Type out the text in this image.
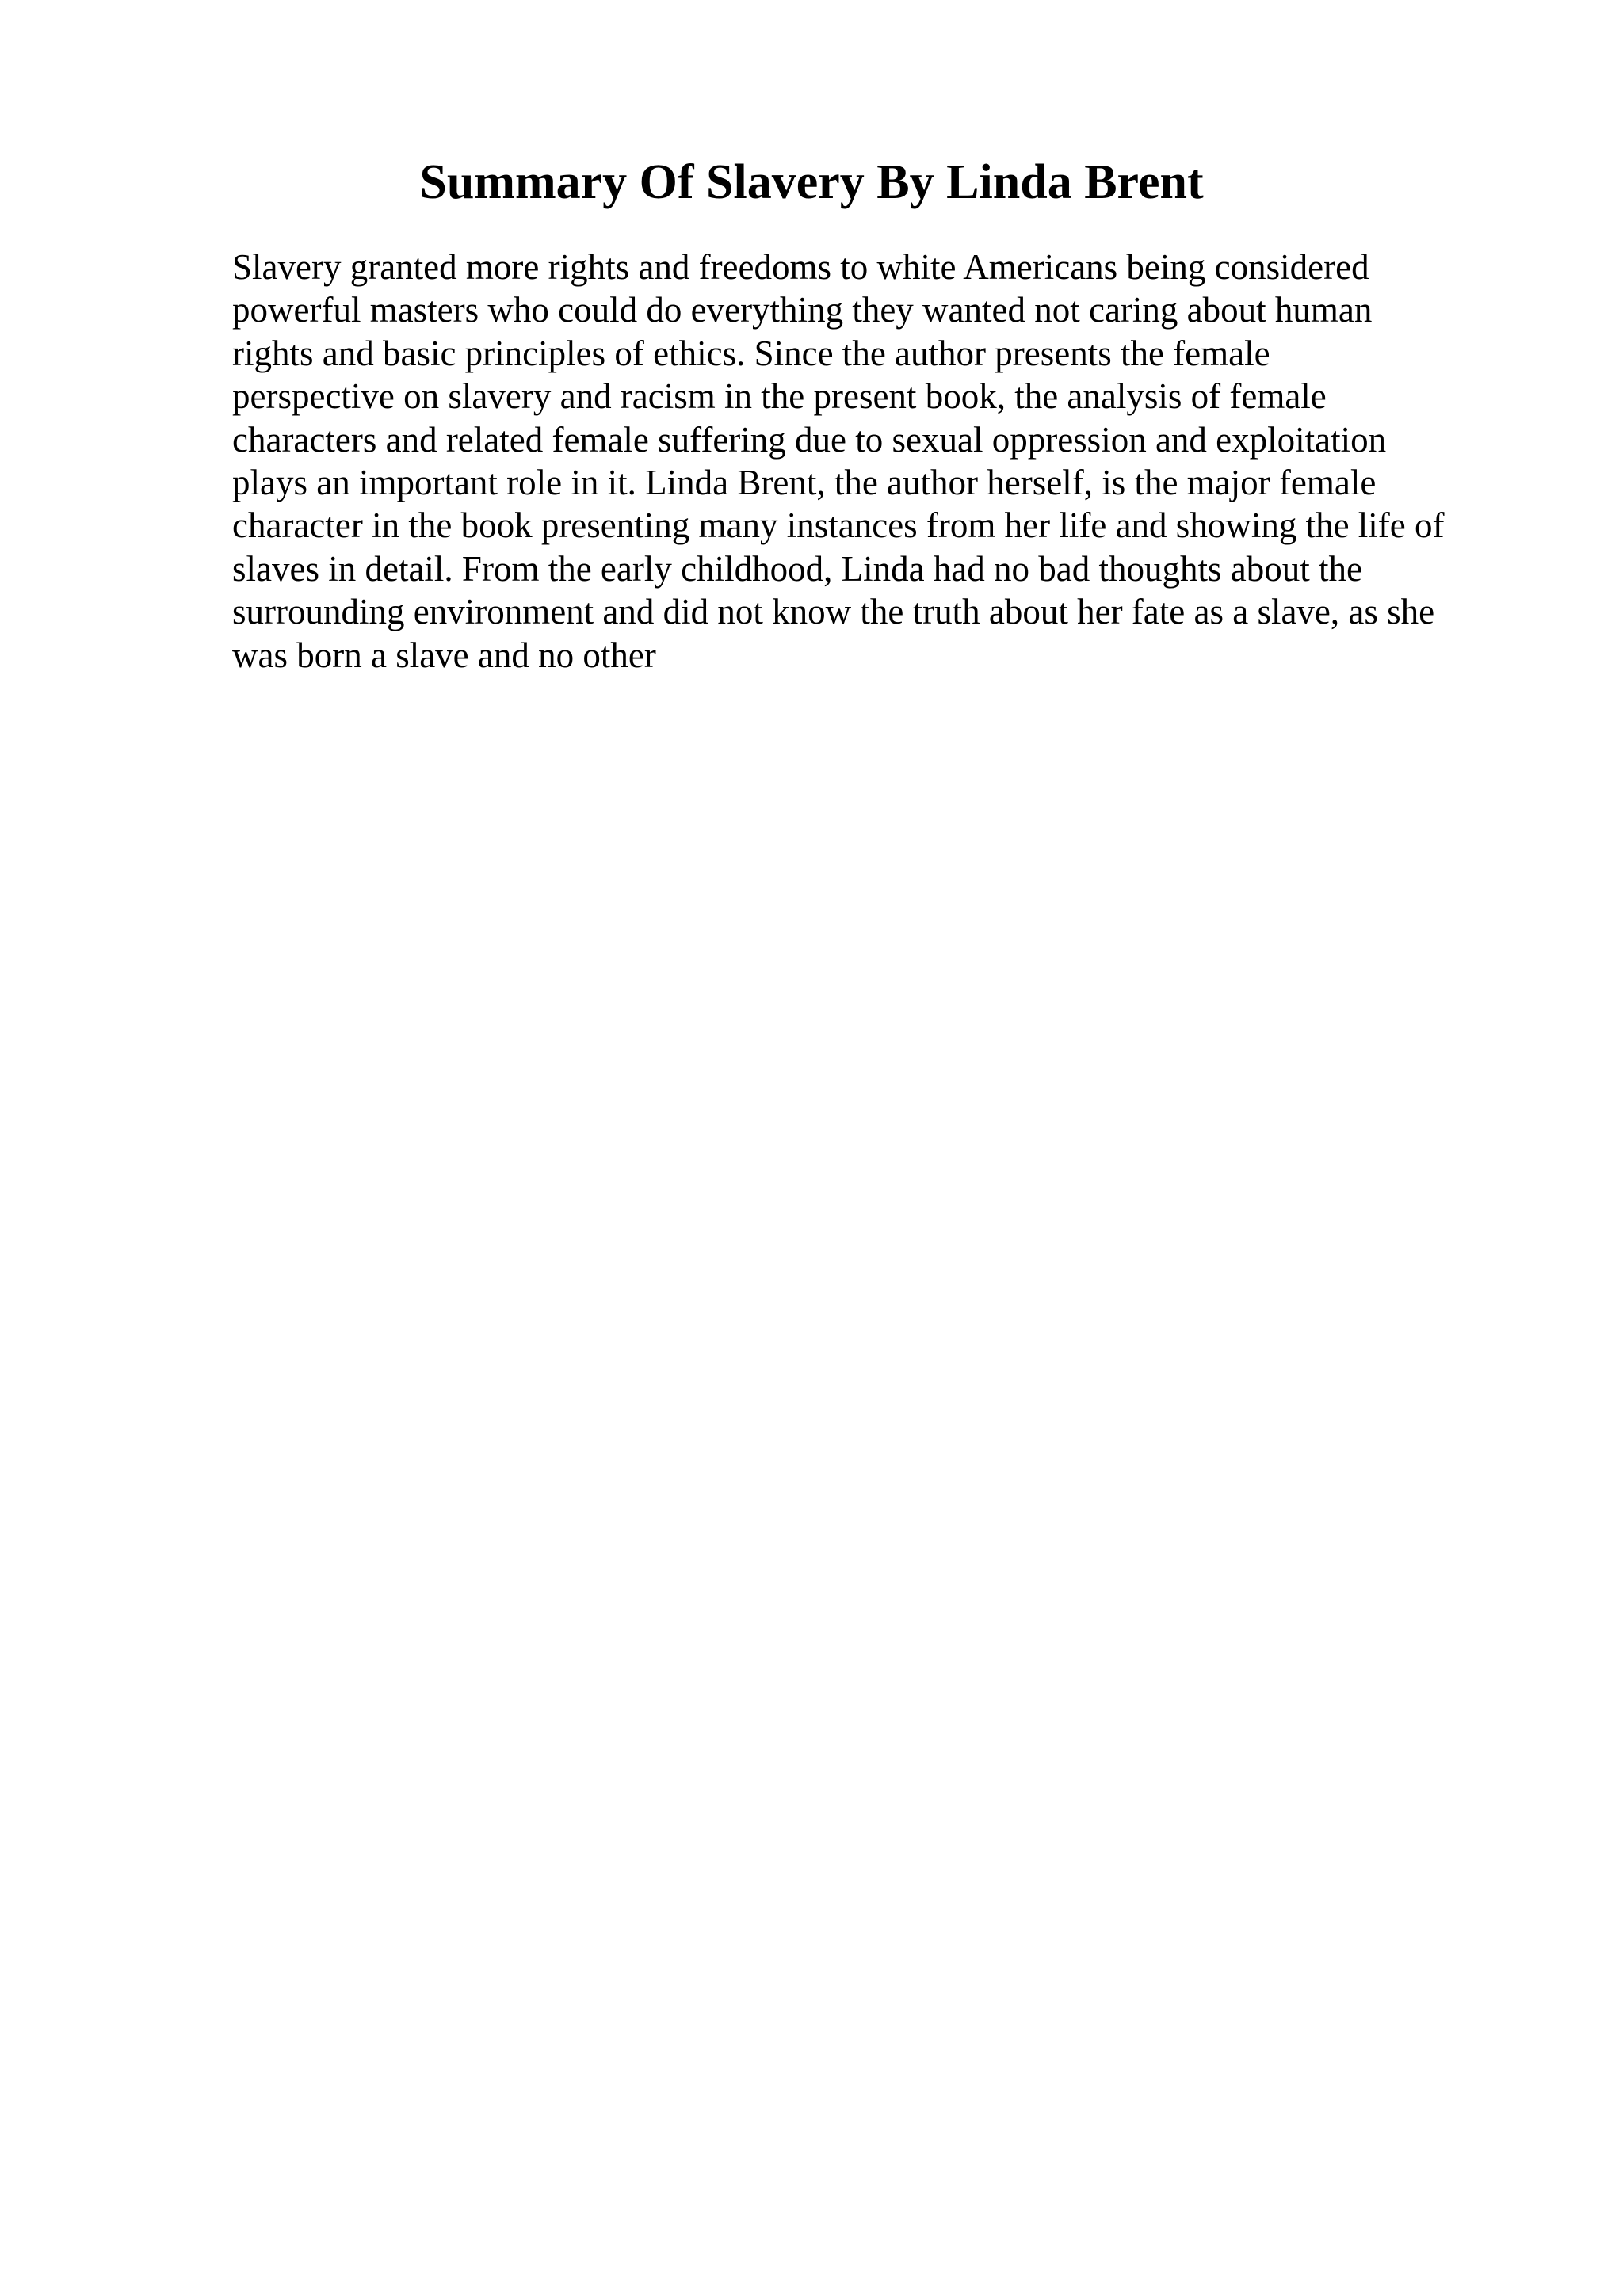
Summary Of Slavery By Linda Brent

Slavery granted more rights and freedoms to white Americans being considered
powerful masters who could do everything they wanted not caring about human
rights and basic principles of ethics. Since the author presents the female
perspective on slavery and racism in the present book, the analysis of female
characters and related female suffering due to sexual oppression and exploitation
plays an important role in it. Linda Brent, the author herself, is the major female
character in the book presenting many instances from her life and showing the life of
slaves in detail. From the early childhood, Linda had no bad thoughts about the
surrounding environment and did not know the truth about her fate as a slave, as she
was born a slave and no other
